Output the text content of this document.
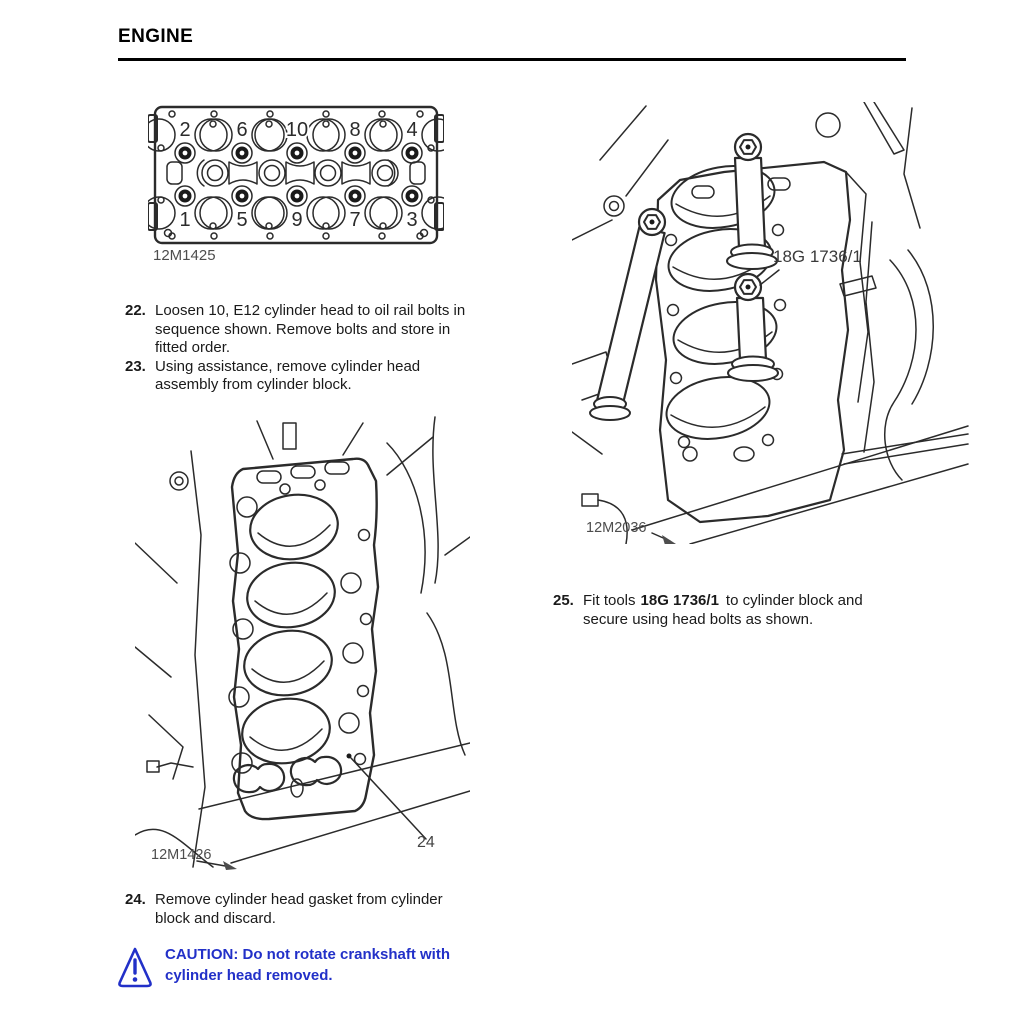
ENGINE
2 6 10 8 4
1 5 9 7 3
12M1425
22. Loosen 10, E12 cylinder head to oil rail bolts in
sequence shown. Remove bolts and store in
fitted order.
23. Using assistance, remove cylinder head
assembly from cylinder block.
18G 1736/1
12M2036
25. Fit tools 18G 1736/1 to cylinder block and
secure using head bolts as shown.
24
12M1426
24. Remove cylinder head gasket from cylinder
block and discard.
CAUTION: Do not rotate crankshaft with
cylinder head removed.
